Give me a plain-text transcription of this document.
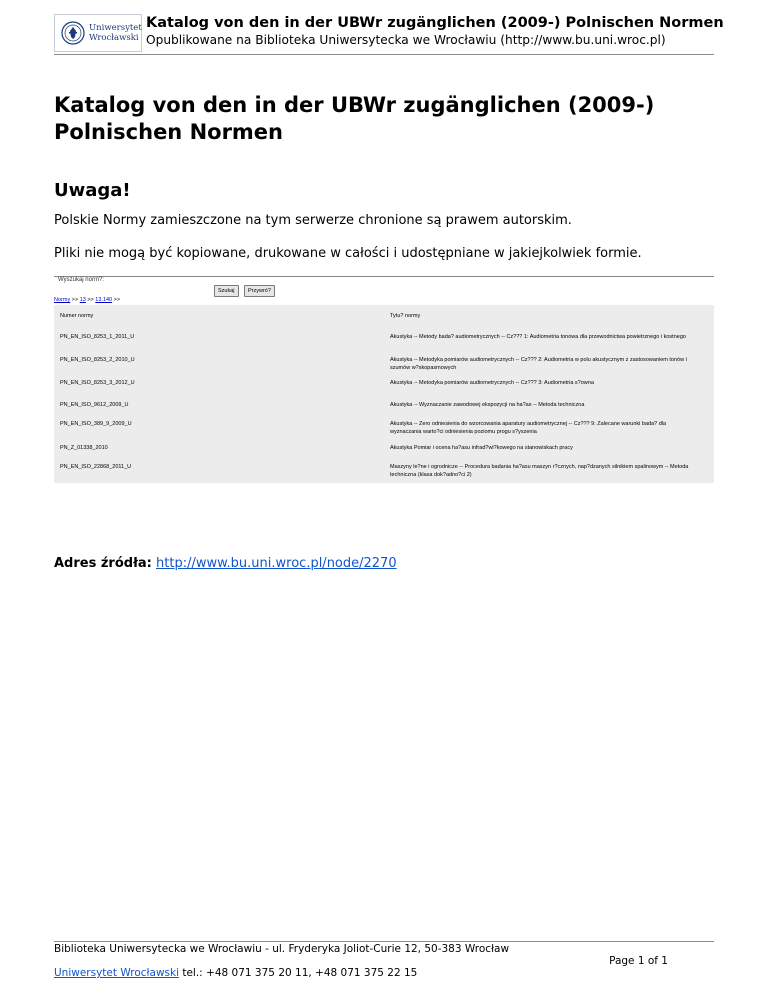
Uniwersytet
Wrocławski
Katalog von den in der UBWr zugänglichen (2009-) Polnischen Normen
Opublikowane na Biblioteka Uniwersytecka we Wrocławiu (http://www.bu.uni.wroc.pl)
Katalog von den in der UBWr zugänglichen (2009-) Polnischen Normen
Uwaga!

Polskie Normy zamieszczone na tym serwerze chronione są prawem autorskim.

Pliki nie mogą być kopiowane, drukowane w całości i udostępniane w jakiejkolwiek formie.

Wyszukaj norm?:
Szukaj	Przywró?
Normy >> 13 >> 13.140 >>
Numer normy	Tytu? normy
PN_EN_ISO_8253_1_2011_U	Akustyka -- Metody bada? audiometrycznych -- Cz??? 1: Audiometria tonowa dla przewodnictwa powietrznego i kostnego
PN_EN_ISO_8253_2_2010_U	Akustyka -- Metodyka pomiarów audiometrycznych -- Cz??? 2: Audiometria w polu akustycznym z zastosowaniem tonów i szumów w?skopasmowych
PN_EN_ISO_8253_3_2012_U	Akustyka -- Metodyka pomiarów audiometrycznych -- Cz??? 3: Audiometria s?owna
PN_EN_ISO_9612_2009_U	Akustyka -- Wyznaczanie zawodowej ekspozycji na ha?as -- Metoda techniczna
PN_EN_ISO_389_9_2009_U	Akustyka -- Zero odniesienia do wzorcowania aparatury audiometrycznej -- Cz??? 9: Zalecane warunki bada? dla wyznaczania warto?ci odniesienia poziomu progu s?yszenia
PN_Z_01338_2010	Akustyka Pomiar i ocena ha?asu infrad?wi?kowego na stanowiskach pracy
PN_EN_ISO_22868_2011_U	Maszyny le?ne i ogrodnicze -- Procedura badania ha?asu maszyn r?cznych, nap?dzanych silnikiem spalinowym -- Metoda techniczna (klasa dok?adno?ci 2)
Adres źródła: http://www.bu.uni.wroc.pl/node/2270
Biblioteka Uniwersytecka we Wrocławiu - ul. Fryderyka Joliot-Curie 12, 50-383 Wrocław
Page 1 of 1
Uniwersytet Wrocławski tel.: +48 071 375 20 11, +48 071 375 22 15
